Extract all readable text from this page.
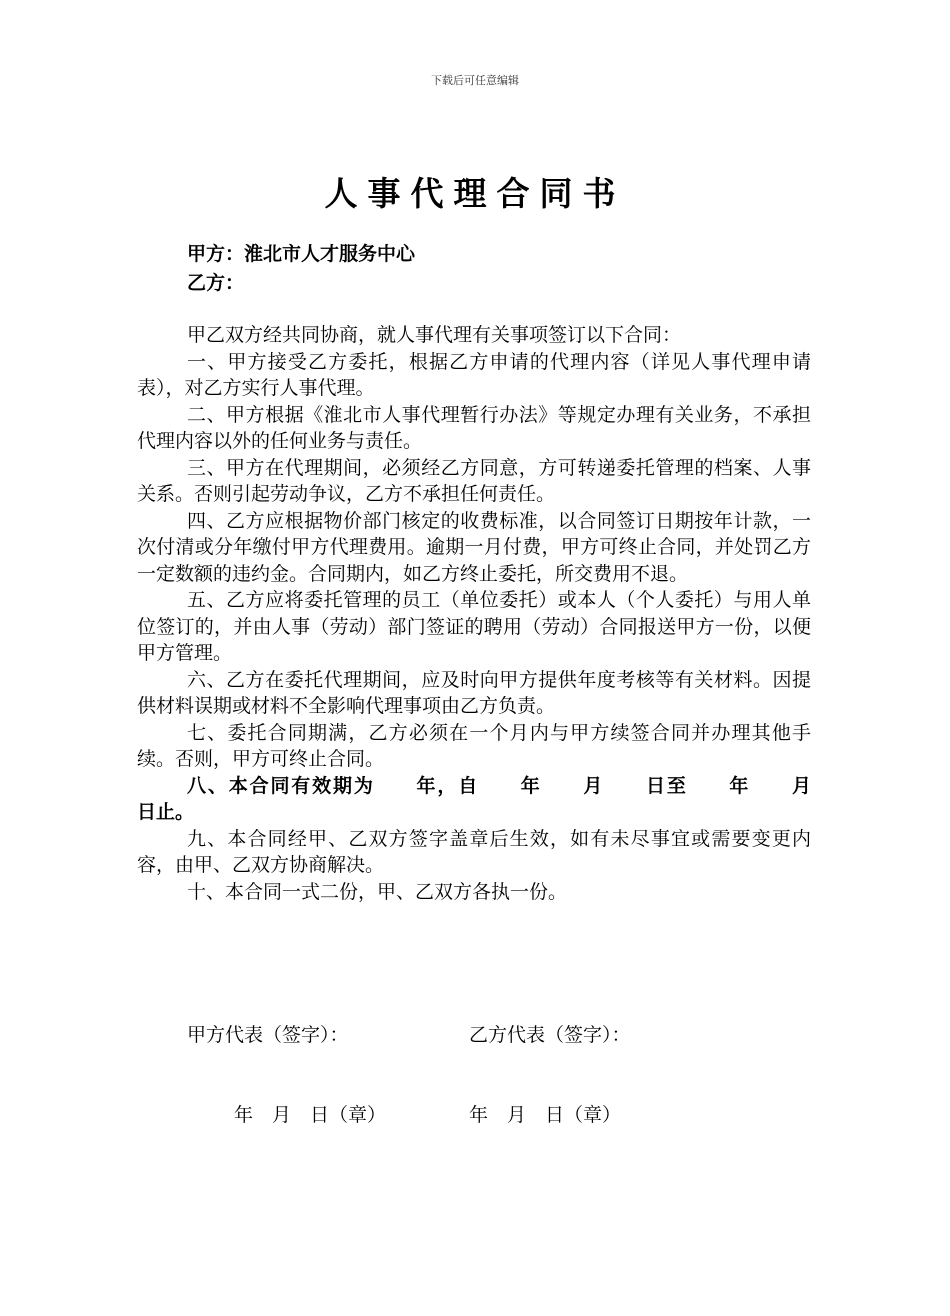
下载后可任意编辑
人事代理合同书
甲方：淮北市人才服务中心
乙方：

甲乙双方经共同协商，就人事代理有关事项签订以下合同：

一、甲方接受乙方委托，根据乙方申请的代理内容（详见人事代理申请表），对乙方实行人事代理。

二、甲方根据《淮北市人事代理暂行办法》等规定办理有关业务，不承担代理内容以外的任何业务与责任。

三、甲方在代理期间，必须经乙方同意，方可转递委托管理的档案、人事关系。否则引起劳动争议，乙方不承担任何责任。

四、乙方应根据物价部门核定的收费标准，以合同签订日期按年计款，一次付清或分年缴付甲方代理费用。逾期一月付费，甲方可终止合同，并处罚乙方一定数额的违约金。合同期内，如乙方终止委托，所交费用不退。

五、乙方应将委托管理的员工（单位委托）或本人（个人委托）与用人单位签订的，并由人事（劳动）部门签证的聘用（劳动）合同报送甲方一份，以便甲方管理。

六、乙方在委托代理期间，应及时向甲方提供年度考核等有关材料。因提供材料误期或材料不全影响代理事项由乙方负责。

七、委托合同期满，乙方必须在一个月内与甲方续签合同并办理其他手续。否则，甲方可终止合同。

八、本合同有效期为　　年，自　　年　　月　　日至　　年　　月　　日止。

九、本合同经甲、乙双方签字盖章后生效，如有未尽事宜或需要变更内容，由甲、乙双方协商解决。

十、本合同一式二份，甲、乙双方各执一份。

甲方代表（签字）：	乙方代表（签字）：
年　月　日（章）	年　月　日（章）
